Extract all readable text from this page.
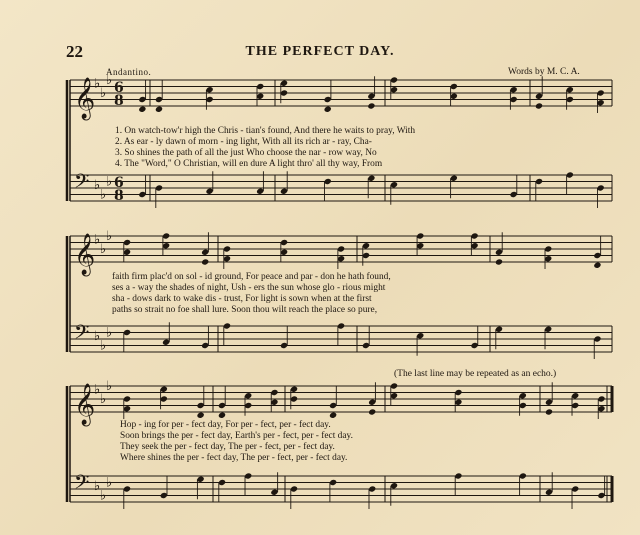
22	THE PERFECT DAY.
Andantino.	Words by M. C. A.
(The last line may be repeated as an echo.)
𝄞
♭
♭
♭ 6
8
𝄢 ♭
♭
♭ 6
8
𝄞
♭
♭
♭
𝄢 ♭
♭
♭
𝄞
♭
♭
♭
𝄢 ♭
♭
♭
1. On watch-tow'r high the Chris - tian's found, And there he waits to pray, With
2. As ear - ly dawn of morn - ing light, With all its rich ar - ray, Cha-
3. So shines the path of all the just Who choose the nar - row way, No
4. The "Word," O Christian, will en dure A light thro' all thy way, From
faith firm plac'd on sol - id ground, For peace and par - don he hath found,
ses a - way the shades of night, Ush - ers the sun whose glo - rious might
sha - dows dark to wake dis - trust, For light is sown when at the first
paths so strait no foe shall lure. Soon thou wilt reach the place so pure,
Hop - ing for per - fect day, For per - fect, per - fect day.
Soon brings the per - fect day, Earth's per - fect, per - fect day.
They seek the per - fect day, The per - fect, per - fect day.
Where shines the per - fect day, The per - fect, per - fect day.
